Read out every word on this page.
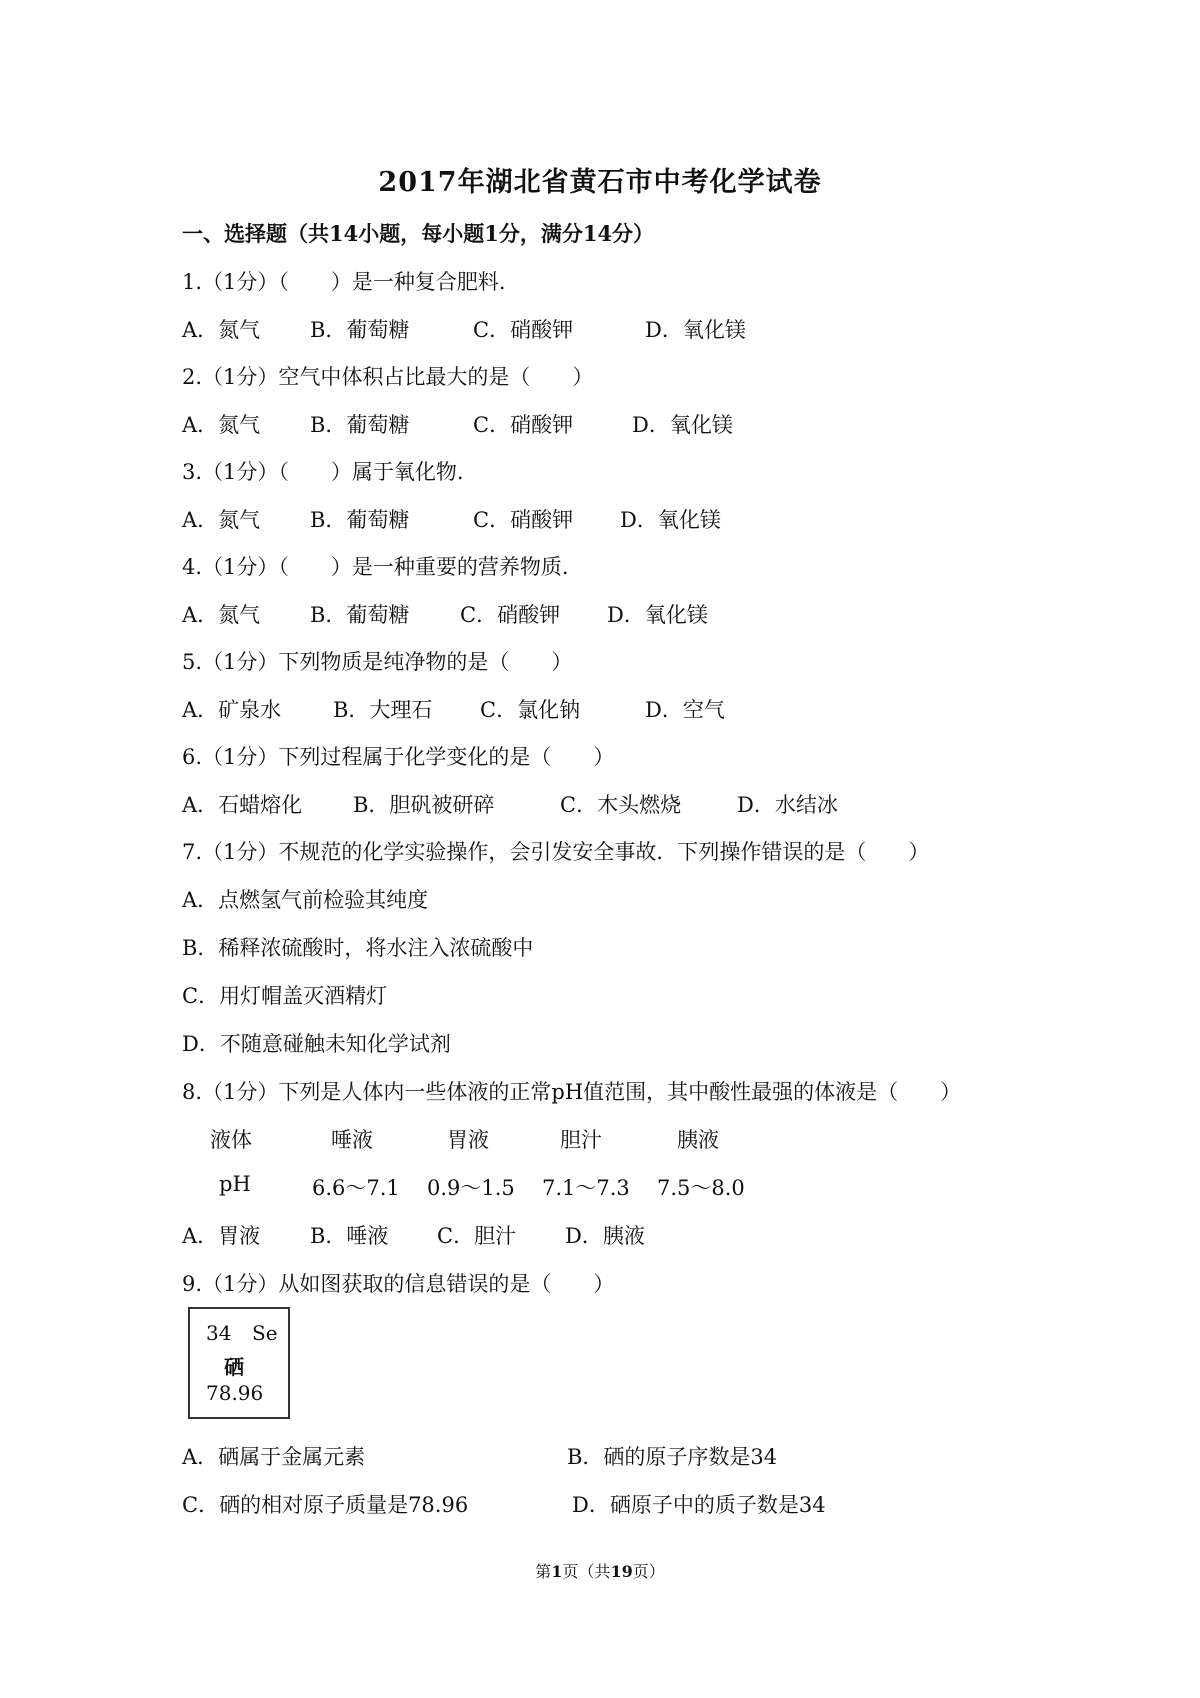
2017年湖北省黄石市中考化学试卷
一、选择题（共14小题，每小题1分，满分14分）
1.（1分）（　　）是一种复合肥料.
A．氮气 B．葡萄糖	C．硝酸钾	D．氧化镁
2.（1分）空气中体积占比最大的是（　　）
A．氮气 B．葡萄糖	C．硝酸钾	D．氧化镁
3.（1分）（　　）属于氧化物.
A．氮气 B．葡萄糖	C．硝酸钾 D．氧化镁
4.（1分）（　　）是一种重要的营养物质.
A．氮气 B．葡萄糖 C．硝酸钾 D．氧化镁
5.（1分）下列物质是纯净物的是（　　）
A．矿泉水 B．大理石 C．氯化钠	D．空气
6.（1分）下列过程属于化学变化的是（　　）
A．石蜡熔化 B．胆矾被研碎	C．木头燃烧	D．水结冰
7.（1分）不规范的化学实验操作，会引发安全事故．下列操作错误的是（　　）
A．点燃氢气前检验其纯度
B．稀释浓硫酸时，将水注入浓硫酸中
C．用灯帽盖灭酒精灯
D．不随意碰触未知化学试剂
8.（1分）下列是人体内一些体液的正常pH值范围，其中酸性最强的体液是（　　）
液体	唾液	胃液	胆汁	胰液
pH	6.6～7.1 0.9～1.5 7.1～7.3 7.5～8.0
A．胃液 B．唾液 C．胆汁 D．胰液
9.（1分）从如图获取的信息错误的是（　　）
34 Se
硒
78.96
A．硒属于金属元素	B．硒的原子序数是34
C．硒的相对原子质量是78.96	D．硒原子中的质子数是34
第1页（共19页）
